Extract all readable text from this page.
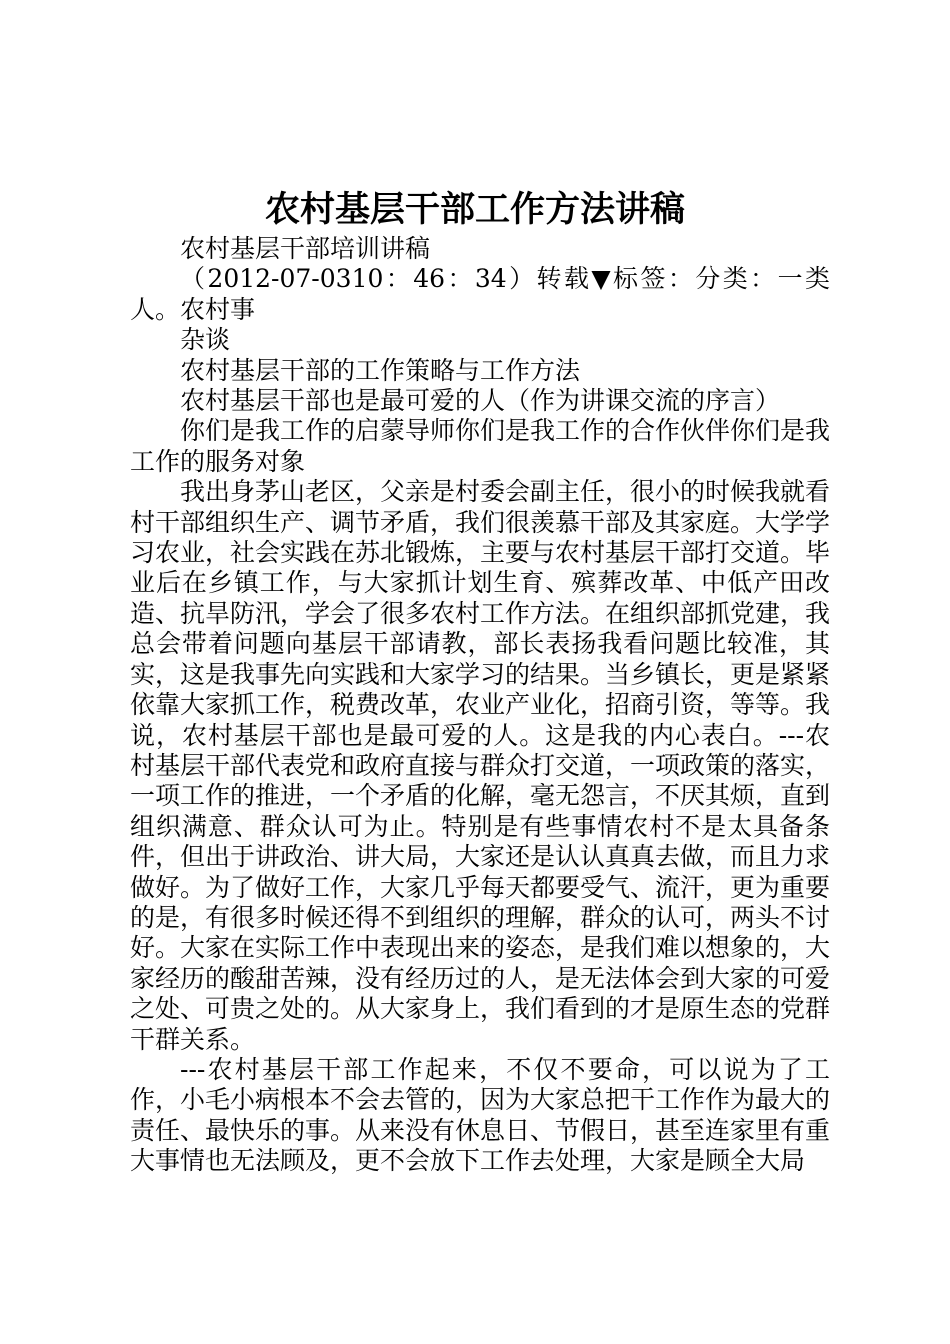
农村基层干部工作方法讲稿

农村基层干部培训讲稿

（2012-07-0310：46：34）转载▼标签：分类：一类人。农村事

杂谈

农村基层干部的工作策略与工作方法

农村基层干部也是最可爱的人（作为讲课交流的序言）

你们是我工作的启蒙导师你们是我工作的合作伙伴你们是我工作的服务对象

我出身茅山老区，父亲是村委会副主任，很小的时候我就看村干部组织生产、调节矛盾，我们很羡慕干部及其家庭。大学学习农业，社会实践在苏北锻炼，主要与农村基层干部打交道。毕业后在乡镇工作，与大家抓计划生育、殡葬改革、中低产田改造、抗旱防汛，学会了很多农村工作方法。在组织部抓党建，我总会带着问题向基层干部请教，部长表扬我看问题比较准，其实，这是我事先向实践和大家学习的结果。当乡镇长，更是紧紧依靠大家抓工作，税费改革，农业产业化，招商引资，等等。我说，农村基层干部也是最可爱的人。这是我的内心表白。---农村基层干部代表党和政府直接与群众打交道，一项政策的落实，一项工作的推进，一个矛盾的化解，毫无怨言，不厌其烦，直到组织满意、群众认可为止。特别是有些事情农村不是太具备条件，但出于讲政治、讲大局，大家还是认认真真去做，而且力求做好。为了做好工作，大家几乎每天都要受气、流汗，更为重要的是，有很多时候还得不到组织的理解，群众的认可，两头不讨好。大家在实际工作中表现出来的姿态，是我们难以想象的，大家经历的酸甜苦辣，没有经历过的人，是无法体会到大家的可爱之处、可贵之处的。从大家身上，我们看到的才是原生态的党群干群关系。

---农村基层干部工作起来，不仅不要命，可以说为了工作，小毛小病根本不会去管的，因为大家总把干工作作为最大的责任、最快乐的事。从来没有休息日、节假日，甚至连家里有重大事情也无法顾及，更不会放下工作去处理，大家是顾全大局
